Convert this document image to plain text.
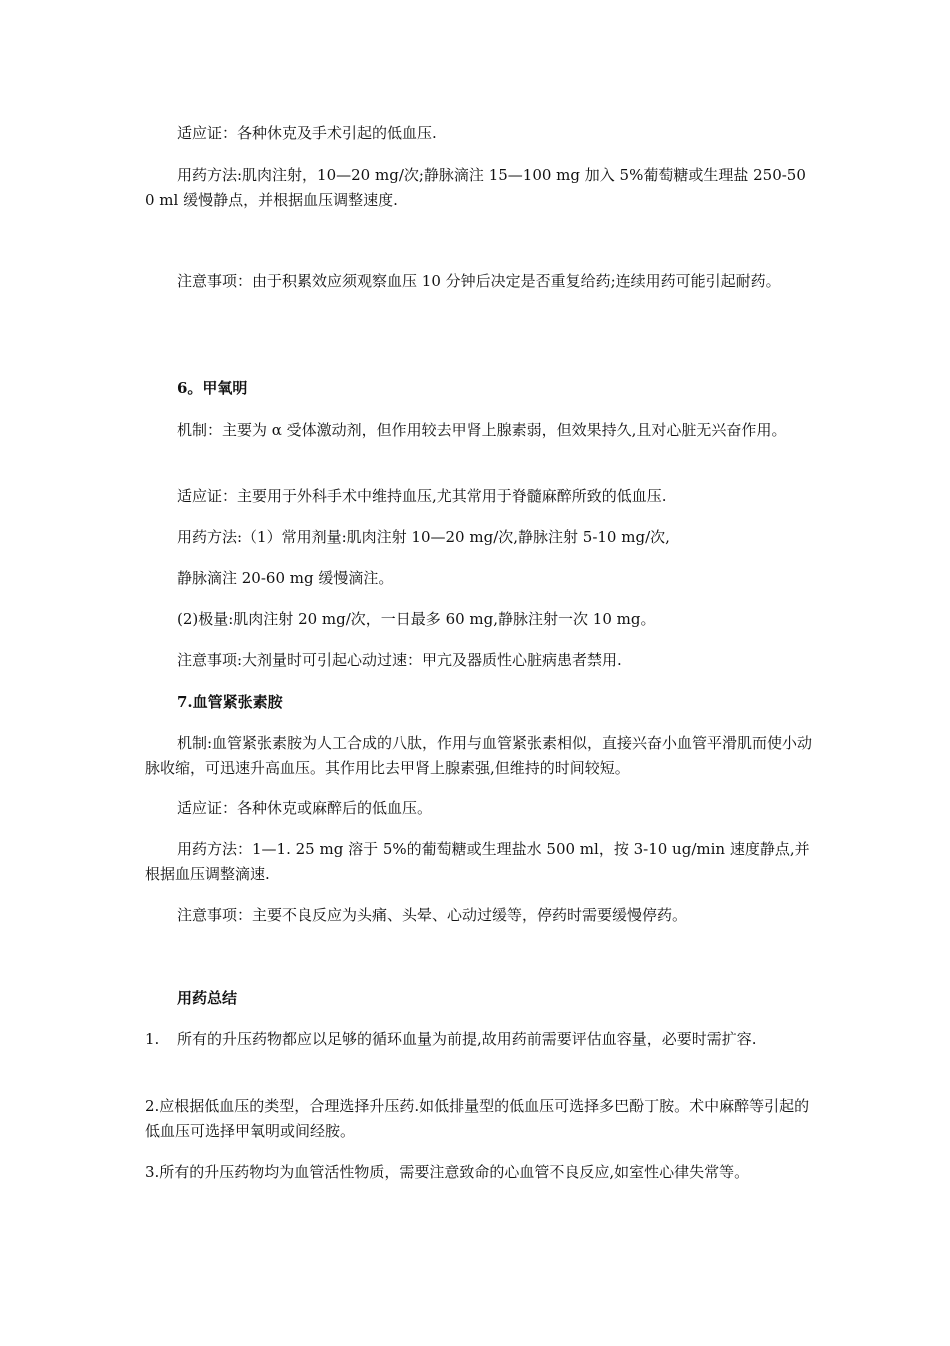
适应证：各种休克及手术引起的低血压.
用药方法:肌肉注射，10—20 mg/次;静脉滴注 15—100 mg 加入 5%葡萄糖或生理盐 250-500 ml 缓慢静点，并根据血压调整速度.
注意事项：由于积累效应须观察血压 10 分钟后决定是否重复给药;连续用药可能引起耐药。
6。甲氧明
机制：主要为 α 受体激动剂，但作用较去甲肾上腺素弱，但效果持久,且对心脏无兴奋作用。
适应证：主要用于外科手术中维持血压,尤其常用于脊髓麻醉所致的低血压.
用药方法:（1）常用剂量:肌肉注射 10—20 mg/次,静脉注射 5-10 mg/次,
静脉滴注 20-60 mg 缓慢滴注。
(2)极量:肌肉注射 20 mg/次，一日最多 60 mg,静脉注射一次 10 mg。
注意事项:大剂量时可引起心动过速：甲亢及器质性心脏病患者禁用.
7.血管紧张素胺
机制:血管紧张素胺为人工合成的八肽，作用与血管紧张素相似，直接兴奋小血管平滑肌而使小动脉收缩，可迅速升高血压。其作用比去甲肾上腺素强,但维持的时间较短。
适应证：各种休克或麻醉后的低血压。
用药方法：1—1. 25 mg 溶于 5%的葡萄糖或生理盐水 500 ml，按 3-10 ug/min 速度静点,并根据血压调整滴速.
注意事项：主要不良反应为头痛、头晕、心动过缓等，停药时需要缓慢停药。
用药总结
1. 所有的升压药物都应以足够的循环血量为前提,故用药前需要评估血容量，必要时需扩容.
2.应根据低血压的类型，合理选择升压药.如低排量型的低血压可选择多巴酚丁胺。术中麻醉等引起的低血压可选择甲氧明或间经胺。
3.所有的升压药物均为血管活性物质，需要注意致命的心血管不良反应,如室性心律失常等。
